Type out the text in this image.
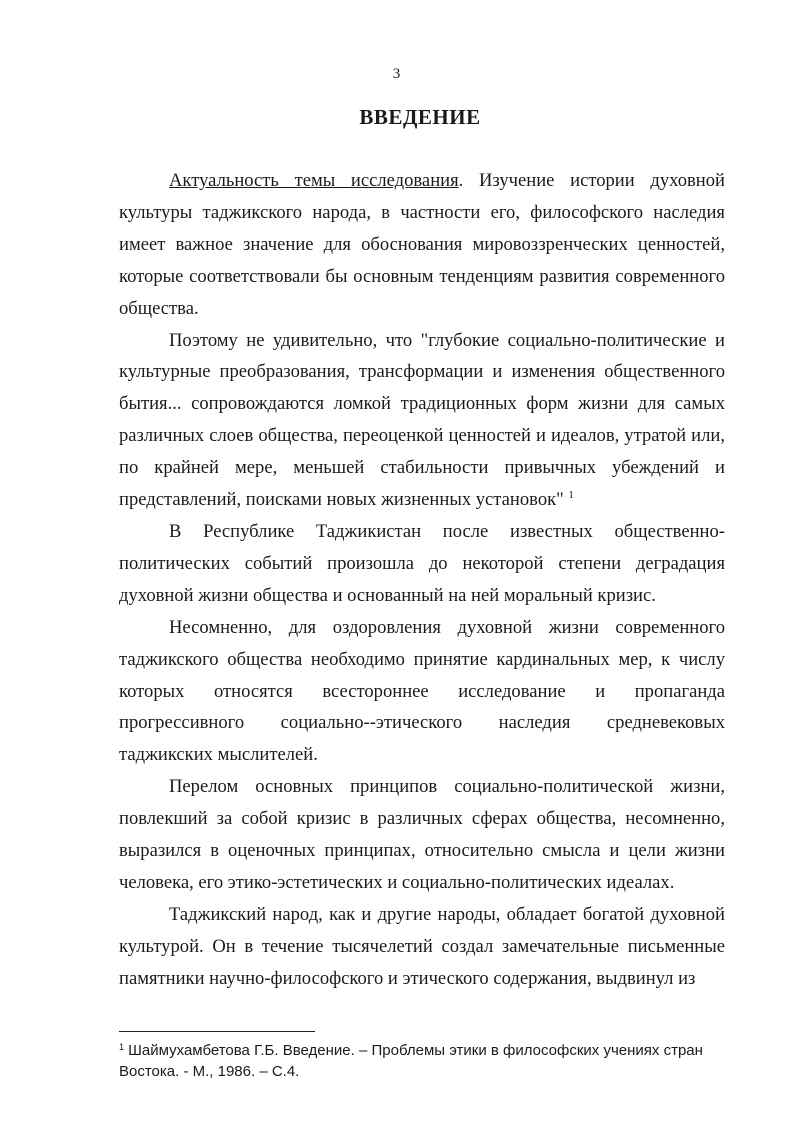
3
ВВЕДЕНИЕ

Актуальность темы исследования. Изучение истории духовной культуры таджикского народа, в частности его, философского наследия имеет важное значение для обоснования мировоззренческих ценностей, которые соответствовали бы основным тенденциям развития современного общества.

Поэтому не удивительно, что "глубокие социально-политические и культурные преобразования, трансформации и изменения общественного бытия... сопровождаются ломкой традиционных форм жизни для самых различных слоев общества, переоценкой ценностей и идеалов, утратой или, по крайней мере, меньшей стабильности привычных убеждений и представлений, поисками новых жизненных установок" $^1$

В Республике Таджикистан после известных общественно-политических событий произошла до некоторой степени деградация духовной жизни общества и основанный на ней моральный кризис.

Несомненно, для оздоровления духовной жизни современного таджикского общества необходимо принятие кардинальных мер, к числу которых относятся всестороннее исследование и пропаганда прогрессивного социально--этического наследия средневековых таджикских мыслителей.

Перелом основных принципов социально-политической жизни, повлекший за собой кризис в различных сферах общества, несомненно, выразился в оценочных принципах, относительно смысла и цели жизни человека, его этико-эстетических и социально-политических идеалах.

Таджикский народ, как и другие народы, обладает богатой духовной культурой. Он в течение тысячелетий создал замечательные письменные памятники научно-философского и этического содержания, выдвинул из

$^1$ Шаймухамбетова Г.Б. Введение. – Проблемы этики в философских учениях стран Востока. - М., 1986. – С.4.
